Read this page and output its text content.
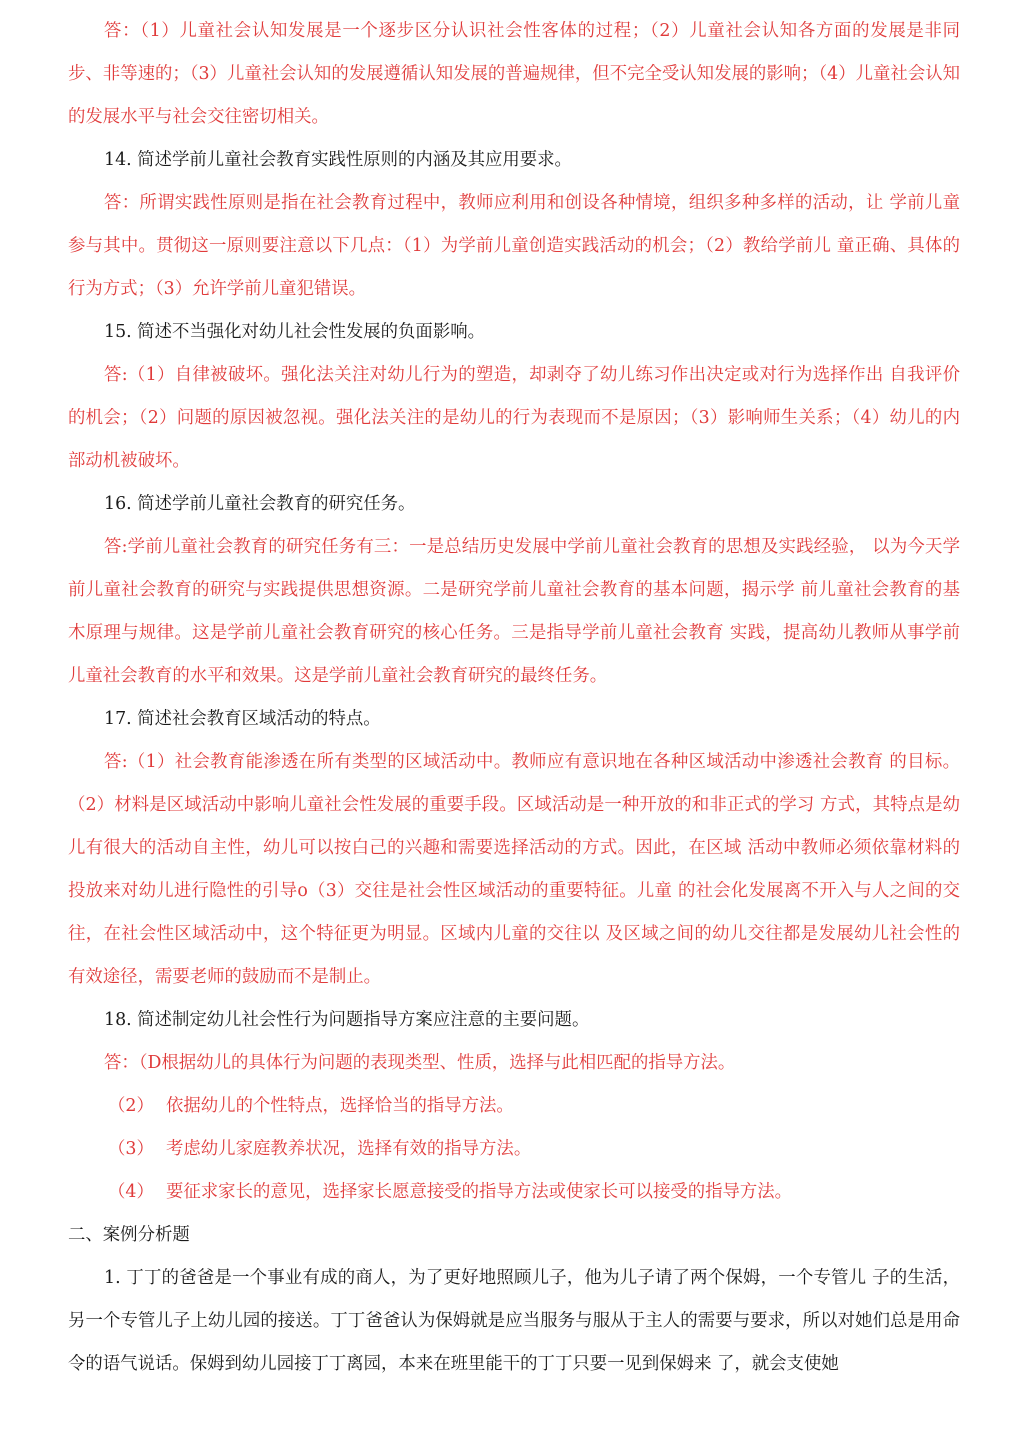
答：（1）儿童社会认知发展是一个逐步区分认识社会性客体的过程；（2）儿童社会认知各方面的发展是非同步、非等速的；（3）儿童社会认知的发展遵循认知发展的普遍规律，但不完全受认知发展的影响；（4）儿童社会认知的发展水平与社会交往密切相关。

14. 简述学前儿童社会教育实践性原则的内涵及其应用要求。

答：所谓实践性原则是指在社会教育过程中，教师应利用和创设各种情境，组织多种多样的活动，让 学前儿童参与其中。贯彻这一原则要注意以下几点：（1）为学前儿童创造实践活动的机会；（2）教给学前儿 童正确、具体的行为方式；（3）允许学前儿童犯错误。

15. 简述不当强化对幼儿社会性发展的负面影响。

答:（1）自律被破坏。强化法关注对幼儿行为的塑造，却剥夺了幼儿练习作出决定或对行为选择作出 自我评价的机会；（2）问题的原因被忽视。强化法关注的是幼儿的行为表现而不是原因；（3）影响师生关系；（4）幼儿的内部动机被破坏。

16. 简述学前儿童社会教育的研究任务。

答:学前儿童社会教育的研究任务有三：一是总结历史发展中学前儿童社会教育的思想及实践经验， 以为今天学前儿童社会教育的研究与实践提供思想资源。二是研究学前儿童社会教育的基本问题，揭示学 前儿童社会教育的基木原理与规律。这是学前儿童社会教育研究的核心任务。三是指导学前儿童社会教育 实践，提高幼儿教师从事学前儿童社会教育的水平和效果。这是学前儿童社会教育研究的最终任务。

17. 简述社会教育区域活动的特点。

答:（1）社会教育能渗透在所有类型的区域活动中。教师应有意识地在各种区域活动中渗透社会教育 的目标。（2）材料是区域活动中影响儿童社会性发展的重要手段。区域活动是一种开放的和非正式的学习 方式，其特点是幼儿有很大的活动自主性，幼儿可以按白己的兴趣和需要选择活动的方式。因此，在区域 活动中教师必须依靠材料的投放来对幼儿进行隐性的引导o（3）交往是社会性区域活动的重要特征。儿童 的社会化发展离不开入与人之间的交往，在社会性区域活动中，这个特征更为明显。区域内儿童的交往以 及区域之间的幼儿交往都是发展幼儿社会性的有效途径，需要老师的鼓励而不是制止。

18. 简述制定幼儿社会性行为问题指导方案应注意的主要问题。

答：（D根据幼儿的具体行为问题的表现类型、性质，选择与此相匹配的指导方法。

（2） 依据幼儿的个性特点，选择恰当的指导方法。

（3） 考虑幼儿家庭教养状况，选择有效的指导方法。

（4） 要征求家长的意见，选择家长愿意接受的指导方法或使家长可以接受的指导方法。

二、案例分析题

1. 丁丁的爸爸是一个事业有成的商人，为了更好地照顾儿子，他为儿子请了两个保姆，一个专管儿 子的生活，另一个专管儿子上幼儿园的接送。丁丁爸爸认为保姆就是应当服务与服从于主人的需要与要求，所以对她们总是用命令的语气说话。保姆到幼儿园接丁丁离园，本来在班里能干的丁丁只要一见到保姆来 了，就会支使她
